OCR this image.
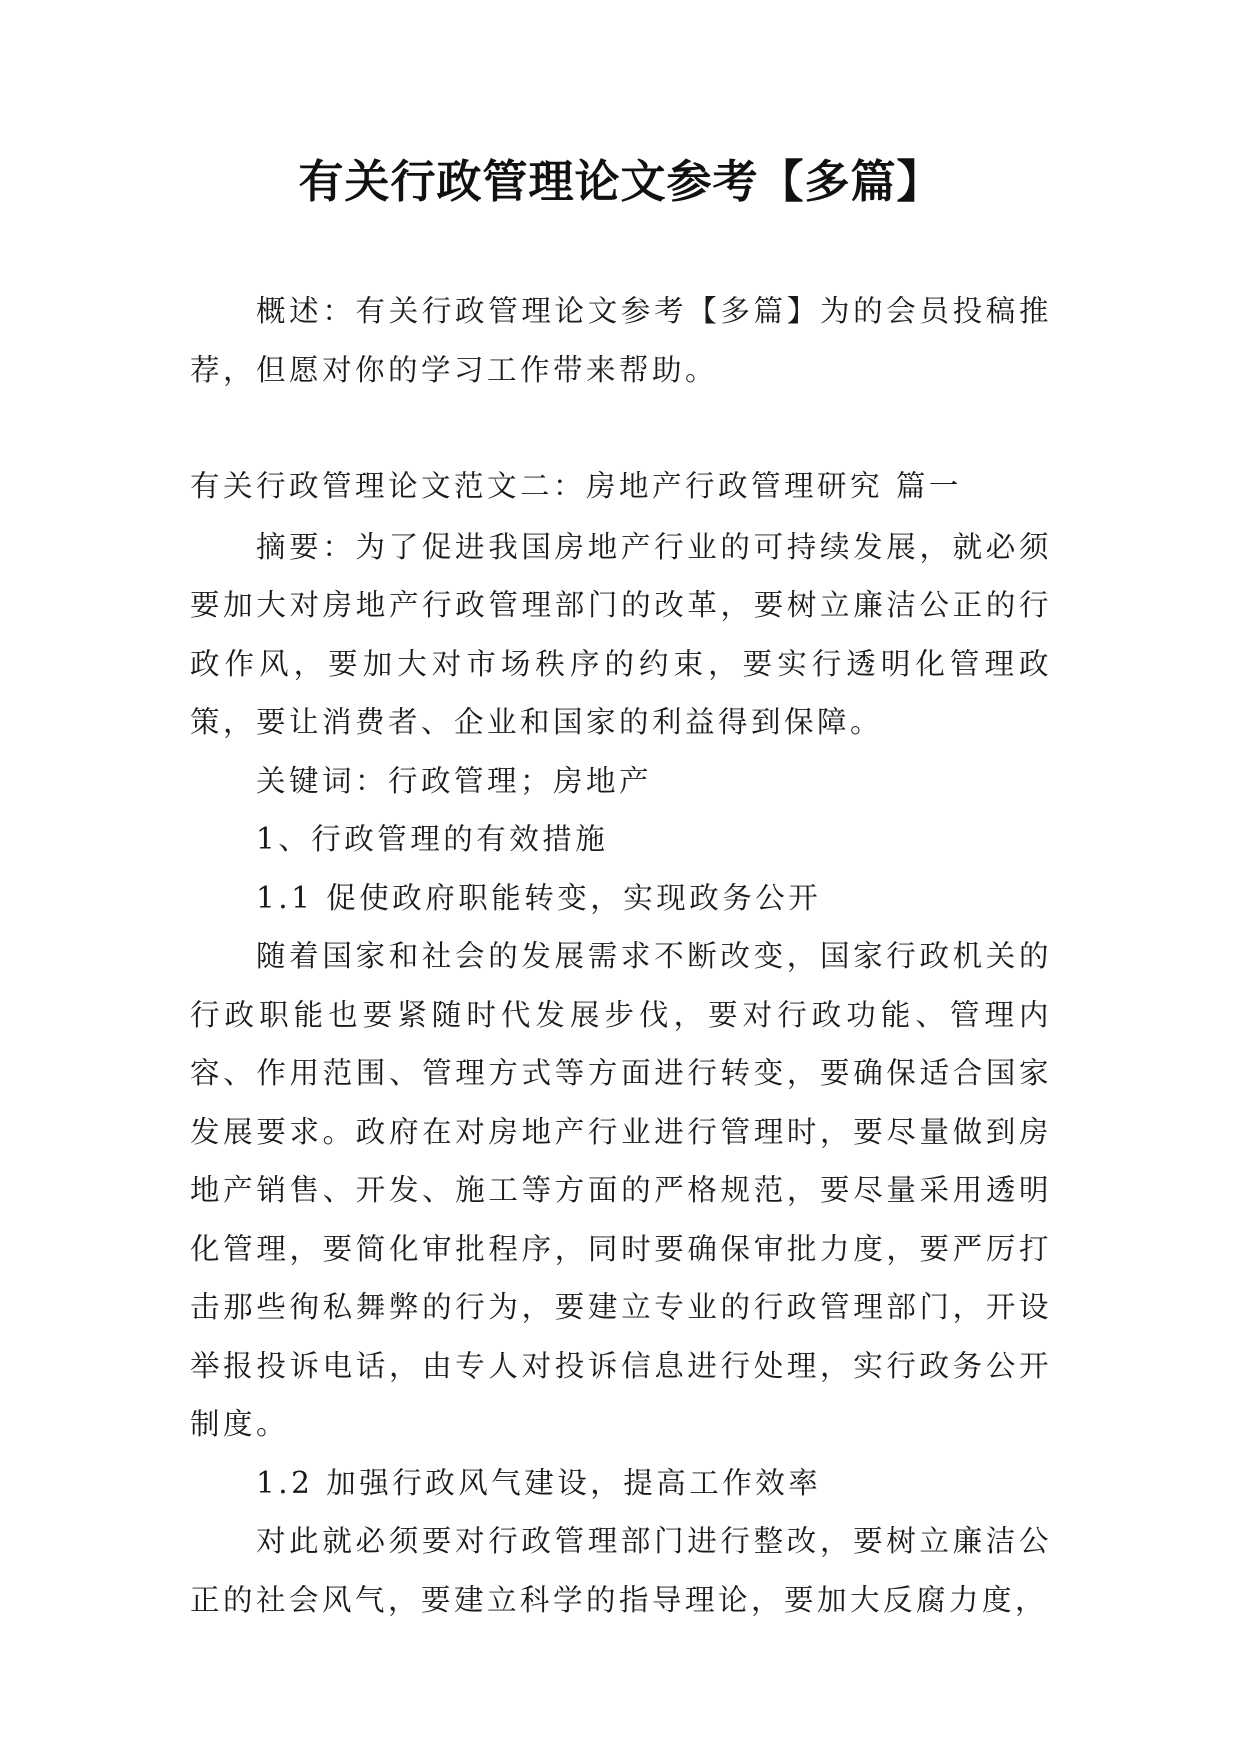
有关行政管理论文参考【多篇】
概述：有关行政管理论文参考【多篇】为的会员投稿推荐，但愿对你的学习工作带来帮助。

有关行政管理论文范文二：房地产行政管理研究 篇一

摘要：为了促进我国房地产行业的可持续发展，就必须要加大对房地产行政管理部门的改革，要树立廉洁公正的行政作风，要加大对市场秩序的约束，要实行透明化管理政策，要让消费者、企业和国家的利益得到保障。

关键词：行政管理；房地产

1、行政管理的有效措施

1.1 促使政府职能转变，实现政务公开

随着国家和社会的发展需求不断改变，国家行政机关的行政职能也要紧随时代发展步伐，要对行政功能、管理内容、作用范围、管理方式等方面进行转变，要确保适合国家发展要求。政府在对房地产行业进行管理时，要尽量做到房地产销售、开发、施工等方面的严格规范，要尽量采用透明化管理，要简化审批程序，同时要确保审批力度，要严厉打击那些徇私舞弊的行为，要建立专业的行政管理部门，开设举报投诉电话，由专人对投诉信息进行处理，实行政务公开制度。

1.2 加强行政风气建设，提高工作效率

对此就必须要对行政管理部门进行整改，要树立廉洁公正的社会风气，要建立科学的指导理论，要加大反腐力度，
